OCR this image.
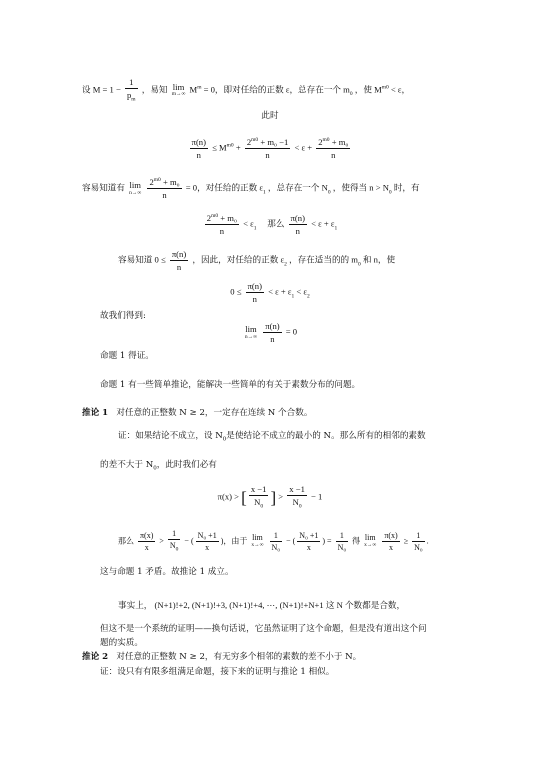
设 $M = 1 - \frac{1}{p_m}$ ，易知 lim
m→∞
$M^m = 0$，即对任给的正数 ε，总存在一个 $m_0$ ，使 $M^{m0} < \varepsilon$，
此时
$\frac{\pi(n)}{n} \le M^{m0} + \frac{2^{m0} + m_0 -1}{n} < \varepsilon + \frac{2^{m0} + m_0}{n}$
容易知道有 lim
n→∞
$\frac{2^{m0} + m_0}{n} = 0$，对任给的正数 $\varepsilon_1$ ，总存在一个 $N_0$ ，使得当 $n > N_0$ 时，有
$\frac{2^{m0} + m_0}{n} < \varepsilon_1$ 那么 $\frac{\pi(n)}{n} < \varepsilon + \varepsilon_1$
容易知道 $0 \le \frac{\pi(n)}{n}$ ，因此，对任给的正数 $\varepsilon_2$ ，存在适当的的 $m_0$ 和 n，使
$0 \le \frac{\pi(n)}{n} < \varepsilon + \varepsilon_1 < \varepsilon_2$
故我们得到:
lim
n→∞
$\frac{\pi(n)}{n} = 0$
命题 1 得证。
命题 1 有一些简单推论，能解决一些简单的有关于素数分布的问题。
推论 1 对任意的正整数 N ≥ 2，一定存在连续 N 个合数。
证：如果结论不成立，设 $N_0$是使结论不成立的最小的 N。那么所有的相邻的素数
的差不大于 $N_0$，此时我们必有
π(x) > [ $\frac{x -1}{N_0}$ ] > $\frac{x -1}{N_0} - 1$
那么 $\frac{\pi(x)}{x} > \frac{1}{N_0}$ − ( $\frac{\text{N₀ +1}}{x}$ )，由于 lim
x→∞
$\frac{1}{\text{N₀}}$ − ( $\frac{\text{N₀ +1}}{x}$ ) = $\frac{1}{\text{N₀}}$ 得 lim
x→∞
$\frac{\pi(x)}{x} \ge \frac{1}{\text{N₀}}$ .
这与命题 1 矛盾。故推论 1 成立。
事实上， (N+1)!+2, (N+1)!+3, (N+1)!+4, ⋯, (N+1)!+N+1 这 N 个数都是合数，
但这不是一个系统的证明——换句话说，它虽然证明了这个命题，但是没有道出这个问
题的实质。
推论 2 对任意的正整数 N ≥ 2，有无穷多个相邻的素数的差不小于 N。
证：设只有有限多组满足命题，接下来的证明与推论 1 相似。
